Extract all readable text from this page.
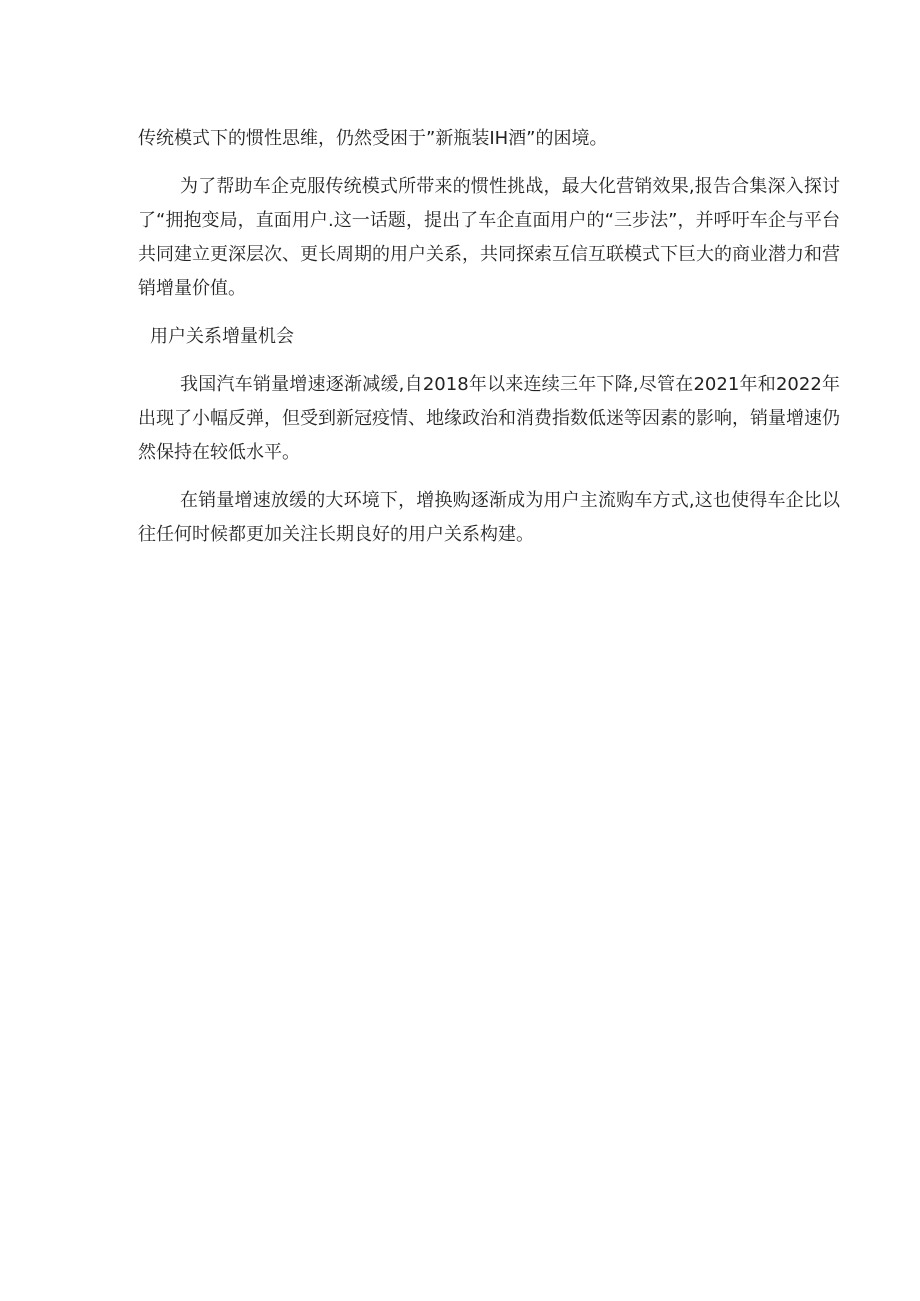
传统模式下的惯性思维，仍然受困于”新瓶装IH酒”的困境。

为了帮助车企克服传统模式所带来的惯性挑战，最大化营销效果,报告合集深入探讨了“拥抱变局，直面用户.这一话题，提出了车企直面用户的“三步法”，并呼吁车企与平台共同建立更深层次、更长周期的用户关系，共同探索互信互联模式下巨大的商业潜力和营销增量价值。

用户关系增量机会

我国汽车销量增速逐渐减缓,自2018年以来连续三年下降,尽管在2021年和2022年出现了小幅反弹，但受到新冠疫情、地缘政治和消费指数低迷等因素的影响，销量增速仍然保持在较低水平。

在销量增速放缓的大环境下，增换购逐渐成为用户主流购车方式,这也使得车企比以往任何时候都更加关注长期良好的用户关系构建。
